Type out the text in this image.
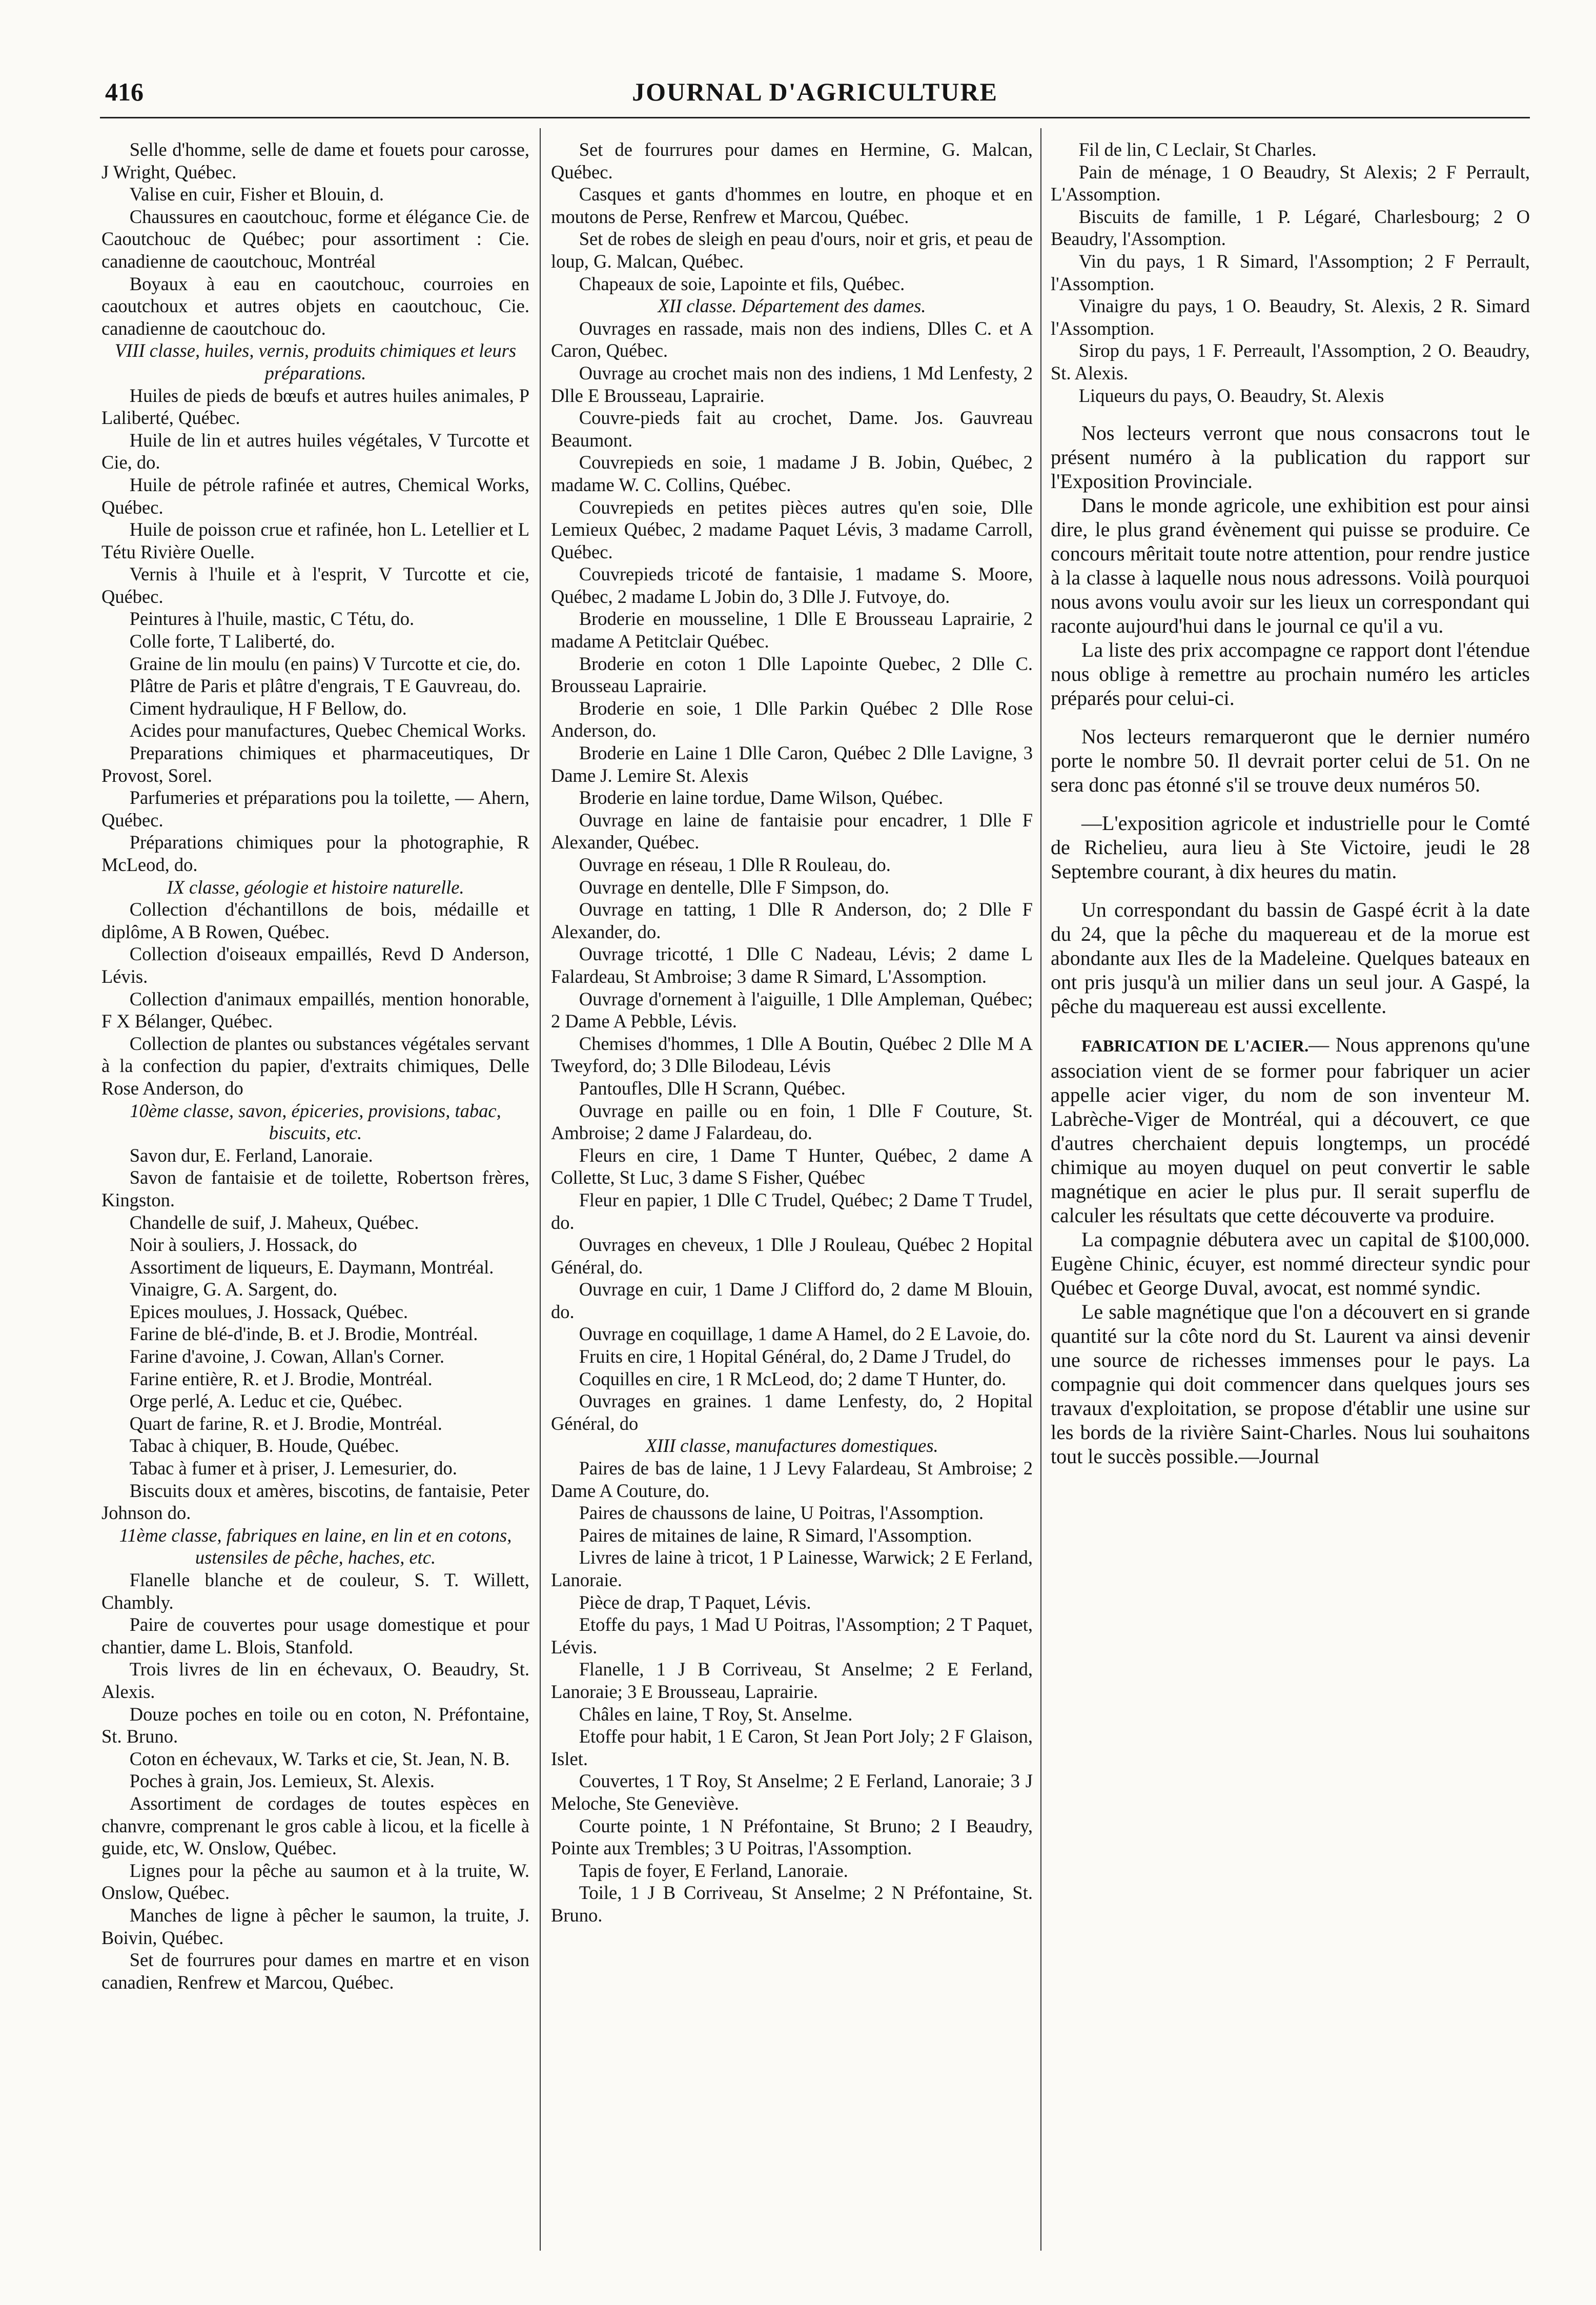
416	JOURNAL D'AGRICULTURE

Selle d'homme, selle de dame et fouets pour carosse, J Wright, Québec.

Valise en cuir, Fisher et Blouin, d.

Chaussures en caoutchouc, forme et élégance Cie. de Caoutchouc de Québec; pour assortiment : Cie. canadienne de caoutchouc, Montréal

Boyaux à eau en caoutchouc, courroies en caoutchoux et autres objets en caoutchouc, Cie. canadienne de caoutchouc do.

VIII classe, huiles, vernis, produits chimiques et leurs préparations.

Huiles de pieds de bœufs et autres huiles animales, P Laliberté, Québec.

Huile de lin et autres huiles végétales, V Turcotte et Cie, do.

Huile de pétrole rafinée et autres, Chemical Works, Québec.

Huile de poisson crue et rafinée, hon L. Letellier et L Tétu Rivière Ouelle.

Vernis à l'huile et à l'esprit, V Turcotte et cie, Québec.

Peintures à l'huile, mastic, C Tétu, do.

Colle forte, T Laliberté, do.

Graine de lin moulu (en pains) V Turcotte et cie, do.

Plâtre de Paris et plâtre d'engrais, T E Gauvreau, do.

Ciment hydraulique, H F Bellow, do.

Acides pour manufactures, Quebec Chemical Works.

Preparations chimiques et pharmaceutiques, Dr Provost, Sorel.

Parfumeries et préparations pou la toilette, — Ahern, Québec.

Préparations chimiques pour la photographie, R McLeod, do.

IX classe, géologie et histoire naturelle.

Collection d'échantillons de bois, médaille et diplôme, A B Rowen, Québec.

Collection d'oiseaux empaillés, Revd D Anderson, Lévis.

Collection d'animaux empaillés, mention honorable, F X Bélanger, Québec.

Collection de plantes ou substances végétales servant à la confection du papier, d'extraits chimiques, Delle Rose Anderson, do

10ème classe, savon, épiceries, provisions, tabac, biscuits, etc.

Savon dur, E. Ferland, Lanoraie.

Savon de fantaisie et de toilette, Robertson frères, Kingston.

Chandelle de suif, J. Maheux, Québec.

Noir à souliers, J. Hossack, do

Assortiment de liqueurs, E. Daymann, Montréal.

Vinaigre, G. A. Sargent, do.

Epices moulues, J. Hossack, Québec.

Farine de blé-d'inde, B. et J. Brodie, Montréal.

Farine d'avoine, J. Cowan, Allan's Corner.

Farine entière, R. et J. Brodie, Montréal.

Orge perlé, A. Leduc et cie, Québec.

Quart de farine, R. et J. Brodie, Montréal.

Tabac à chiquer, B. Houde, Québec.

Tabac à fumer et à priser, J. Lemesurier, do.

Biscuits doux et amères, biscotins, de fantaisie, Peter Johnson do.

11ème classe, fabriques en laine, en lin et en cotons, ustensiles de pêche, haches, etc.

Flanelle blanche et de couleur, S. T. Willett, Chambly.

Paire de couvertes pour usage domestique et pour chantier, dame L. Blois, Stanfold.

Trois livres de lin en échevaux, O. Beaudry, St. Alexis.

Douze poches en toile ou en coton, N. Préfontaine, St. Bruno.

Coton en échevaux, W. Tarks et cie, St. Jean, N. B.

Poches à grain, Jos. Lemieux, St. Alexis.

Assortiment de cordages de toutes espèces en chanvre, comprenant le gros cable à licou, et la ficelle à guide, etc, W. Onslow, Québec.

Lignes pour la pêche au saumon et à la truite, W. Onslow, Québec.

Manches de ligne à pêcher le saumon, la truite, J. Boivin, Québec.

Set de fourrures pour dames en martre et en vison canadien, Renfrew et Marcou, Québec.

Set de fourrures pour dames en Hermine, G. Malcan, Québec.

Casques et gants d'hommes en loutre, en phoque et en moutons de Perse, Renfrew et Marcou, Québec.

Set de robes de sleigh en peau d'ours, noir et gris, et peau de loup, G. Malcan, Québec.

Chapeaux de soie, Lapointe et fils, Québec.

XII classe. Département des dames.

Ouvrages en rassade, mais non des indiens, Dlles C. et A Caron, Québec.

Ouvrage au crochet mais non des indiens, 1 Md Lenfesty, 2 Dlle E Brousseau, Laprairie.

Couvre-pieds fait au crochet, Dame. Jos. Gauvreau Beaumont.

Couvrepieds en soie, 1 madame J B. Jobin, Québec, 2 madame W. C. Collins, Québec.

Couvrepieds en petites pièces autres qu'en soie, Dlle Lemieux Québec, 2 madame Paquet Lévis, 3 madame Carroll, Québec.

Couvrepieds tricoté de fantaisie, 1 madame S. Moore, Québec, 2 madame L Jobin do, 3 Dlle J. Futvoye, do.

Broderie en mousseline, 1 Dlle E Brousseau Laprairie, 2 madame A Petitclair Québec.

Broderie en coton 1 Dlle Lapointe Quebec, 2 Dlle C. Brousseau Laprairie.

Broderie en soie, 1 Dlle Parkin Québec 2 Dlle Rose Anderson, do.

Broderie en Laine 1 Dlle Caron, Québec 2 Dlle Lavigne, 3 Dame J. Lemire St. Alexis

Broderie en laine tordue, Dame Wilson, Québec.

Ouvrage en laine de fantaisie pour encadrer, 1 Dlle F Alexander, Québec.

Ouvrage en réseau, 1 Dlle R Rouleau, do.

Ouvrage en dentelle, Dlle F Simpson, do.

Ouvrage en tatting, 1 Dlle R Anderson, do; 2 Dlle F Alexander, do.

Ouvrage tricotté, 1 Dlle C Nadeau, Lévis; 2 dame L Falardeau, St Ambroise; 3 dame R Simard, L'Assomption.

Ouvrage d'ornement à l'aiguille, 1 Dlle Ampleman, Québec; 2 Dame A Pebble, Lévis.

Chemises d'hommes, 1 Dlle A Boutin, Québec 2 Dlle M A Tweyford, do; 3 Dlle Bilodeau, Lévis

Pantoufles, Dlle H Scrann, Québec.

Ouvrage en paille ou en foin, 1 Dlle F Couture, St. Ambroise; 2 dame J Falardeau, do.

Fleurs en cire, 1 Dame T Hunter, Québec, 2 dame A Collette, St Luc, 3 dame S Fisher, Québec

Fleur en papier, 1 Dlle C Trudel, Québec; 2 Dame T Trudel, do.

Ouvrages en cheveux, 1 Dlle J Rouleau, Québec 2 Hopital Général, do.

Ouvrage en cuir, 1 Dame J Clifford do, 2 dame M Blouin, do.

Ouvrage en coquillage, 1 dame A Hamel, do 2 E Lavoie, do.

Fruits en cire, 1 Hopital Général, do, 2 Dame J Trudel, do

Coquilles en cire, 1 R McLeod, do; 2 dame T Hunter, do.

Ouvrages en graines. 1 dame Lenfesty, do, 2 Hopital Général, do

XIII classe, manufactures domestiques.

Paires de bas de laine, 1 J Levy Falardeau, St Ambroise; 2 Dame A Couture, do.

Paires de chaussons de laine, U Poitras, l'Assomption.

Paires de mitaines de laine, R Simard, l'Assomption.

Livres de laine à tricot, 1 P Lainesse, Warwick; 2 E Ferland, Lanoraie.

Pièce de drap, T Paquet, Lévis.

Etoffe du pays, 1 Mad U Poitras, l'Assomption; 2 T Paquet, Lévis.

Flanelle, 1 J B Corriveau, St Anselme; 2 E Ferland, Lanoraie; 3 E Brousseau, Laprairie.

Châles en laine, T Roy, St. Anselme.

Etoffe pour habit, 1 E Caron, St Jean Port Joly; 2 F Glaison, Islet.

Couvertes, 1 T Roy, St Anselme; 2 E Ferland, Lanoraie; 3 J Meloche, Ste Geneviève.

Courte pointe, 1 N Préfontaine, St Bruno; 2 I Beaudry, Pointe aux Trembles; 3 U Poitras, l'Assomption.

Tapis de foyer, E Ferland, Lanoraie.

Toile, 1 J B Corriveau, St Anselme; 2 N Préfontaine, St. Bruno.

Fil de lin, C Leclair, St Charles.

Pain de ménage, 1 O Beaudry, St Alexis; 2 F Perrault, L'Assomption.

Biscuits de famille, 1 P. Légaré, Charlesbourg; 2 O Beaudry, l'Assomption.

Vin du pays, 1 R Simard, l'Assomption; 2 F Perrault, l'Assomption.

Vinaigre du pays, 1 O. Beaudry, St. Alexis, 2 R. Simard l'Assomption.

Sirop du pays, 1 F. Perreault, l'Assomption, 2 O. Beaudry, St. Alexis.

Liqueurs du pays, O. Beaudry, St. Alexis

Nos lecteurs verront que nous consacrons tout le présent numéro à la publication du rapport sur l'Exposition Provinciale.

Dans le monde agricole, une exhibition est pour ainsi dire, le plus grand évènement qui puisse se produire. Ce concours mêritait toute notre attention, pour rendre justice à la classe à laquelle nous nous adressons. Voilà pourquoi nous avons voulu avoir sur les lieux un correspondant qui raconte aujourd'hui dans le journal ce qu'il a vu.

La liste des prix accompagne ce rapport dont l'étendue nous oblige à remettre au prochain numéro les articles préparés pour celui-ci.

Nos lecteurs remarqueront que le dernier numéro porte le nombre 50. Il devrait porter celui de 51. On ne sera donc pas étonné s'il se trouve deux numéros 50.

—L'exposition agricole et industrielle pour le Comté de Richelieu, aura lieu à Ste Victoire, jeudi le 28 Septembre courant, à dix heures du matin.

Un correspondant du bassin de Gaspé écrit à la date du 24, que la pêche du maquereau et de la morue est abondante aux Iles de la Madeleine. Quelques bateaux en ont pris jusqu'à un milier dans un seul jour. A Gaspé, la pêche du maquereau est aussi excellente.

FABRICATION DE L'ACIER.— Nous apprenons qu'une association vient de se former pour fabriquer un acier appelle acier viger, du nom de son inventeur M. Labrèche-Viger de Montréal, qui a découvert, ce que d'autres cherchaient depuis longtemps, un procédé chimique au moyen duquel on peut convertir le sable magnétique en acier le plus pur. Il serait superflu de calculer les résultats que cette découverte va produire.

La compagnie débutera avec un capital de $100,000. Eugène Chinic, écuyer, est nommé directeur syndic pour Québec et George Duval, avocat, est nommé syndic.

Le sable magnétique que l'on a découvert en si grande quantité sur la côte nord du St. Laurent va ainsi devenir une source de richesses immenses pour le pays. La compagnie qui doit commencer dans quelques jours ses travaux d'exploitation, se propose d'établir une usine sur les bords de la rivière Saint-Charles. Nous lui souhaitons tout le succès possible.—Journal
